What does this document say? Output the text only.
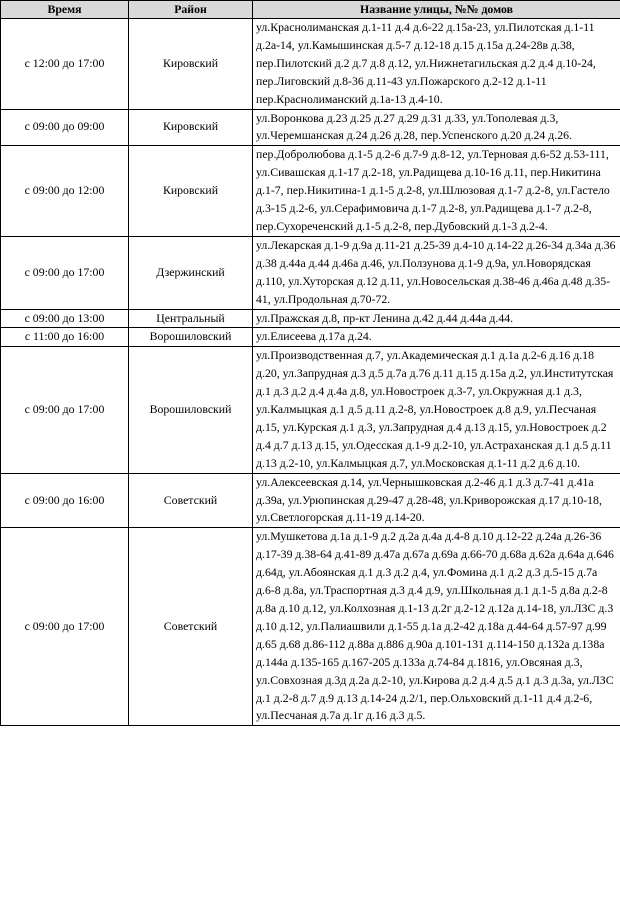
Время	Район	Название улицы, №№ домов
с 12:00 до 17:00	Кировский	ул.Краснолиманская д.1-11 д.4 д.6-22 д.15а-23, ул.Пилотская д.1-11 д.2а-14, ул.Камышинская д.5-7 д.12-18 д.15 д.15а д.24-28в д.38, пер.Пилотский д.2 д.7 д.8 д.12, ул.Нижнетагильская д.2 д.4 д.10-24, пер.Лиговский д.8-36 д.11-43 ул.Пожарского д.2-12 д.1-11 пер.Краснолиманский д.1а-13 д.4-10.
с 09:00 до 09:00	Кировский	ул.Воронкова д.23 д.25 д.27 д.29 д.31 д.33, ул.Тополевая д.3, ул.Черемшанская д.24 д.26 д.28, пер.Успенского д.20 д.24 д.26.
с 09:00 до 12:00	Кировский	пер.Добролюбова д.1-5 д.2-6 д.7-9 д.8-12, ул.Терновая д.6-52 д.53-111, ул.Сивашская д.1-17 д.2-18, ул.Радищева д.10-16 д.11, пер.Никитина д.1-7, пер.Никитина-1 д.1-5 д.2-8, ул.Шлюзовая д.1-7 д.2-8, ул.Гастело д.3-15 д.2-6, ул.Серафимовича д.1-7 д.2-8, ул.Радищева д.1-7 д.2-8, пер.Сухореченский д.1-5 д.2-8, пер.Дубовский д.1-3 д.2-4.
с 09:00 до 17:00	Дзержинский	ул.Лекарская д.1-9 д.9а д.11-21 д.25-39 д.4-10 д.14-22 д.26-34 д.34а д.36 д.38 д.44а д.44 д.46а д.46, ул.Ползунова д.1-9 д.9а, ул.Новорядская д.110, ул.Хуторская д.12 д.11, ул.Новосельская д.38-46 д.46а д.48 д.35-41, ул.Продольная д.70-72.
с 09:00 до 13:00	Центральный	ул.Пражская д.8, пр-кт Ленина д.42 д.44 д.44а д.44.
с 11:00 до 16:00	Ворошиловский	ул.Елисеева д.17а д.24.
с 09:00 до 17:00	Ворошиловский	ул.Производственная д.7, ул.Академическая д.1 д.1а д.2-6 д.16 д.18 д.20, ул.Запрудная д.3 д.5 д.7а д.76 д.11 д.15 д.15а д.2, ул.Институтская д.1 д.3 д.2 д.4 д.4а д.8, ул.Новостроек д.3-7, ул.Окружная д.1 д.3, ул.Калмыцкая д.1 д.5 д.11 д.2-8, ул.Новостроек д.8 д.9, ул.Песчаная д.15, ул.Курская д.1 д.3, ул.Запрудная д.4 д.13 д.15, ул.Новостроек д.2 д.4 д.7 д.13 д.15, ул.Одесская д.1-9 д.2-10, ул.Астраханская д.1 д.5 д.11 д.13 д.2-10, ул.Калмыцкая д.7, ул.Московская д.1-11 д.2 д.6 д.10.
с 09:00 до 16:00	Советский	ул.Алексеевская д.14, ул.Чернышковская д.2-46 д.1 д.3 д.7-41 д.41а д.39а, ул.Урюпинская д.29-47 д.28-48, ул.Криворожская д.17 д.10-18, ул.Светлогорская д.11-19 д.14-20.
с 09:00 до 17:00	Советский	ул.Мушкетова д.1а д.1-9 д.2 д.2а д.4а д.4-8 д.10 д.12-22 д.24а д.26-36 д.17-39 д.38-64 д.41-89 д.47а д.67а д.69а д.66-70 д.68а д.62а д.64а д.646 д.64д, ул.Абоянская д.1 д.3 д.2 д.4, ул.Фомина д.1 д.2 д.3 д.5-15 д.7а д.6-8 д.8а, ул.Траспортная д.3 д.4 д.9, ул.Школьная д.1 д.1-5 д.8а д.2-8 д.8а д.10 д.12, ул.Колхозная д.1-13 д.2г д.2-12 д.12а д.14-18, ул.ЛЗС д.3 д.10 д.12, ул.Палиашвили д.1-55 д.1а д.2-42 д.18а д.44-64 д.57-97 д.99 д.65 д.68 д.86-112 д.88а д.886 д.90а д.101-131 д.114-150 д.132а д.138а д.144а д.135-165 д.167-205 д.133а д.74-84 д.1816, ул.Овсяная д.3, ул.Совхозная д.3д д.2а д.2-10, ул.Кирова д.2 д.4 д.5 д.1 д.3 д.3а, ул.ЛЗС д.1 д.2-8 д.7 д.9 д.13 д.14-24 д.2/1, пер.Ольховский д.1-11 д.4 д.2-6, ул.Песчаная д.7а д.1г д.16 д.3 д.5.
